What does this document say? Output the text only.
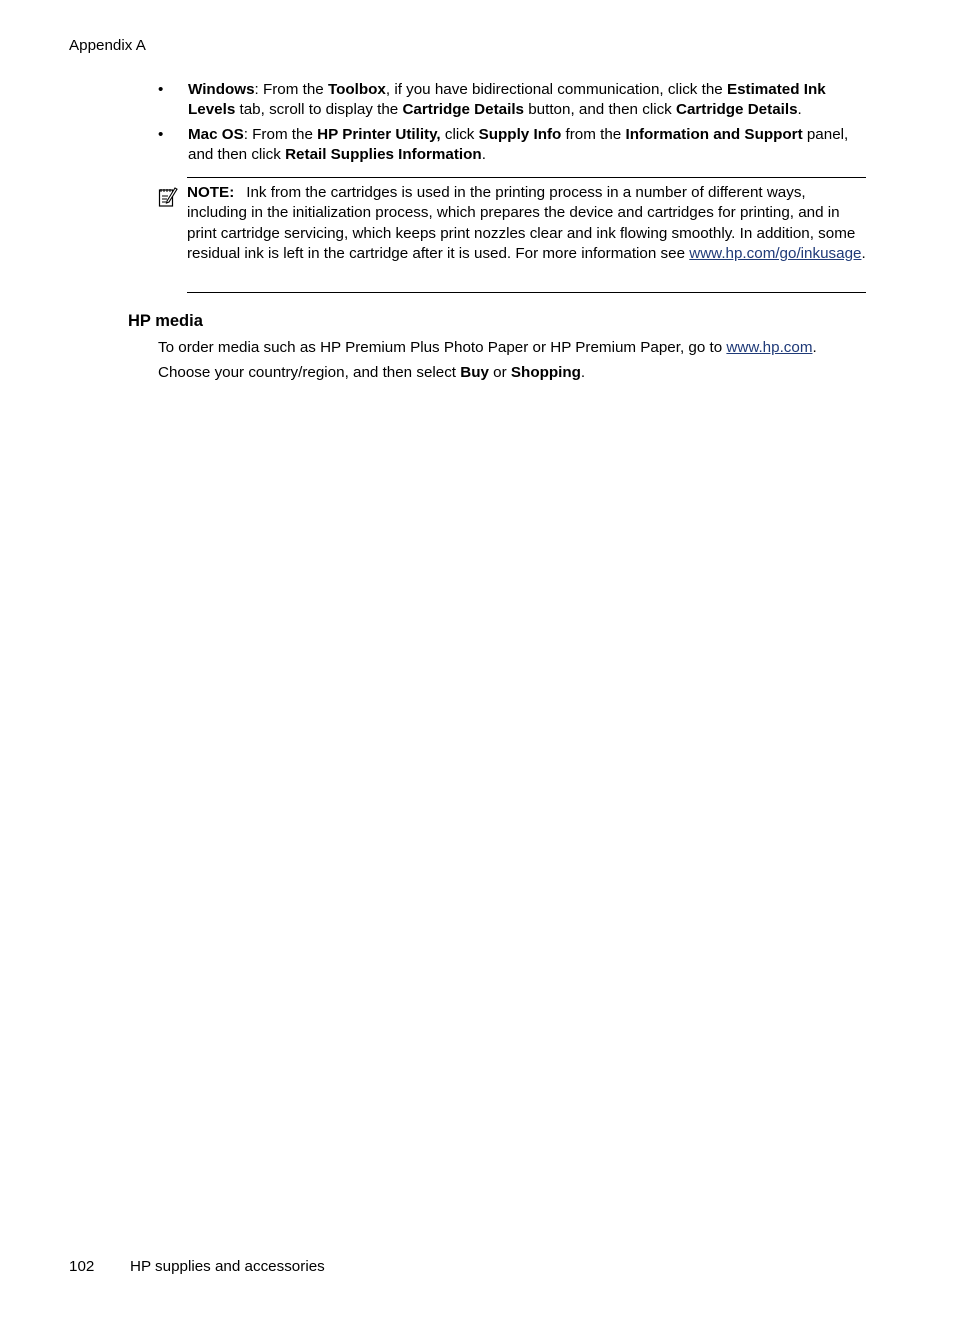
Appendix A
• Windows: From the Toolbox, if you have bidirectional communication, click the Estimated Ink Levels tab, scroll to display the Cartridge Details button, and then click Cartridge Details.
• Mac OS: From the HP Printer Utility, click Supply Info from the Information and Support panel, and then click Retail Supplies Information.
NOTE: Ink from the cartridges is used in the printing process in a number of different ways, including in the initialization process, which prepares the device and cartridges for printing, and in print cartridge servicing, which keeps print nozzles clear and ink flowing smoothly. In addition, some residual ink is left in the cartridge after it is used. For more information see www.hp.com/go/inkusage.
HP media
To order media such as HP Premium Plus Photo Paper or HP Premium Paper, go to www.hp.com.
Choose your country/region, and then select Buy or Shopping.
102 HP supplies and accessories
